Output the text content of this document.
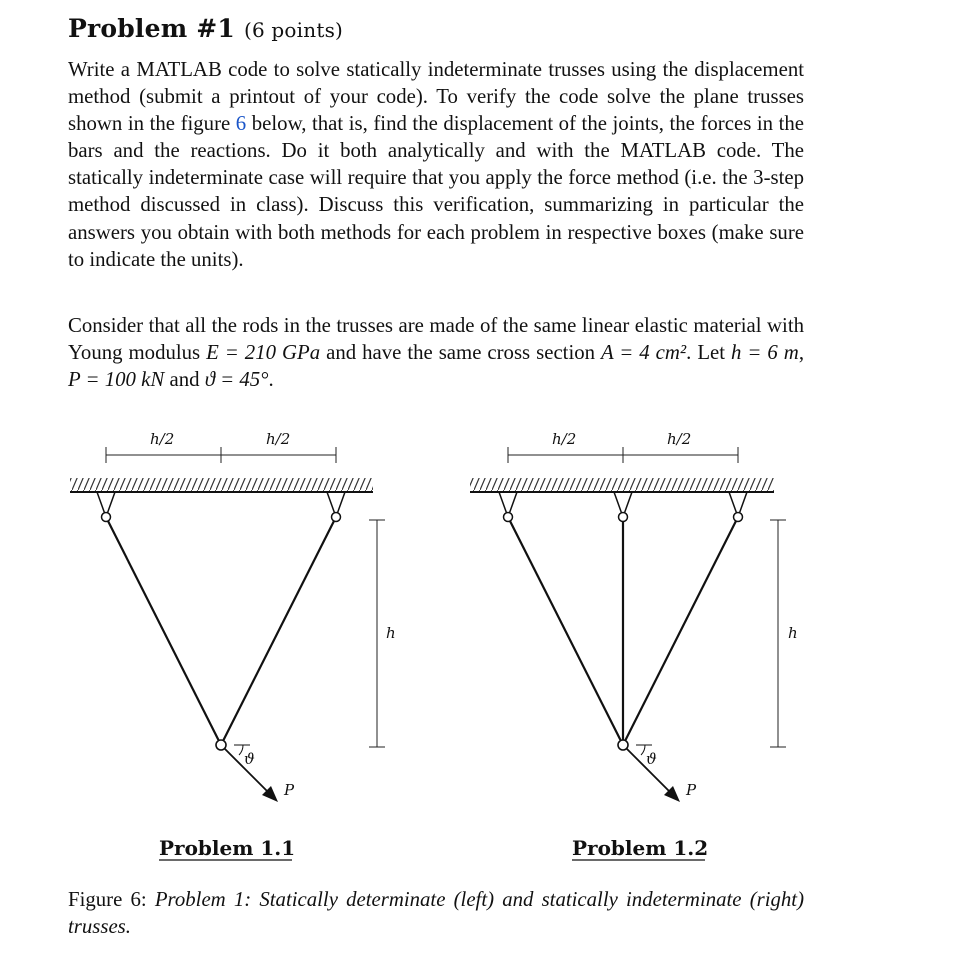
Problem #1 (6 points)

Write a MATLAB code to solve statically indeterminate trusses using the displacement method (submit a printout of your code). To verify the code solve the plane trusses shown in the figure 6 below, that is, find the displacement of the joints, the forces in the bars and the reactions. Do it both analytically and with the MATLAB code. The statically indeterminate case will require that you apply the force method (i.e. the 3-step method discussed in class). Discuss this verification, summarizing in particular the answers you obtain with both methods for each problem in respective boxes (make sure to indicate the units).

Consider that all the rods in the trusses are made of the same linear elastic material with Young modulus E = 210 GPa and have the same cross section A = 4 cm². Let h = 6 m, P = 100 kN and ϑ = 45°.

h/2	h/2
ϑ
P
h
h/2	h/2
ϑ
P
h
Problem 1.1	Problem 1.2

Figure 6: Problem 1: Statically determinate (left) and statically indeterminate (right) trusses.
